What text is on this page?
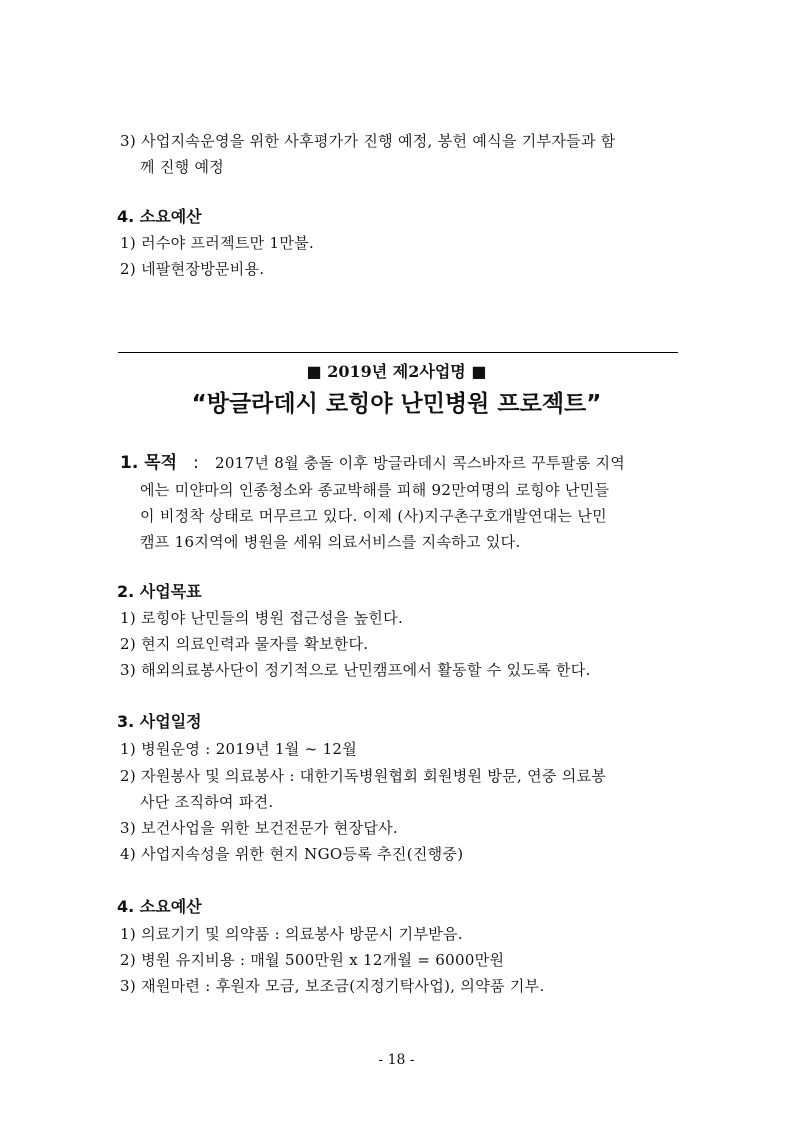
3) 사업지속운영을 위한 사후평가가 진행 예정, 봉헌 예식을 기부자들과 함
께 진행 예정
4. 소요예산
1) 러수야 프러젝트만 1만불.
2) 네팔현장방문비용.
■ 2019년 제2사업명 ■
“방글라데시 로힝야 난민병원 프로젝트”
1. 목적 : 2017년 8월 충돌 이후 방글라데시 콕스바자르 꾸투팔롱 지역
에는 미얀마의 인종청소와 종교박해를 피해 92만여명의 로힝야 난민들
이 비정착 상태로 머무르고 있다. 이제 (사)지구촌구호개발연대는 난민
캠프 16지역에 병원을 세워 의료서비스를 지속하고 있다.
2. 사업목표
1) 로힝야 난민들의 병원 접근성을 높힌다.
2) 현지 의료인력과 물자를 확보한다.
3) 해외의료봉사단이 정기적으로 난민캠프에서 활동할 수 있도록 한다.
3. 사업일정
1) 병원운영 : 2019년 1월 ~ 12월
2) 자원봉사 및 의료봉사 : 대한기독병원협회 회원병원 방문, 연중 의료봉
사단 조직하여 파견.
3) 보건사업을 위한 보건전문가 현장답사.
4) 사업지속성을 위한 현지 NGO등록 추진(진행중)
4. 소요예산
1) 의료기기 및 의약품 : 의료봉사 방문시 기부받음.
2) 병원 유지비용 : 매월 500만원 x 12개월 = 6000만원
3) 재원마련 : 후원자 모금, 보조금(지정기탁사업), 의약품 기부.
- 18 -
